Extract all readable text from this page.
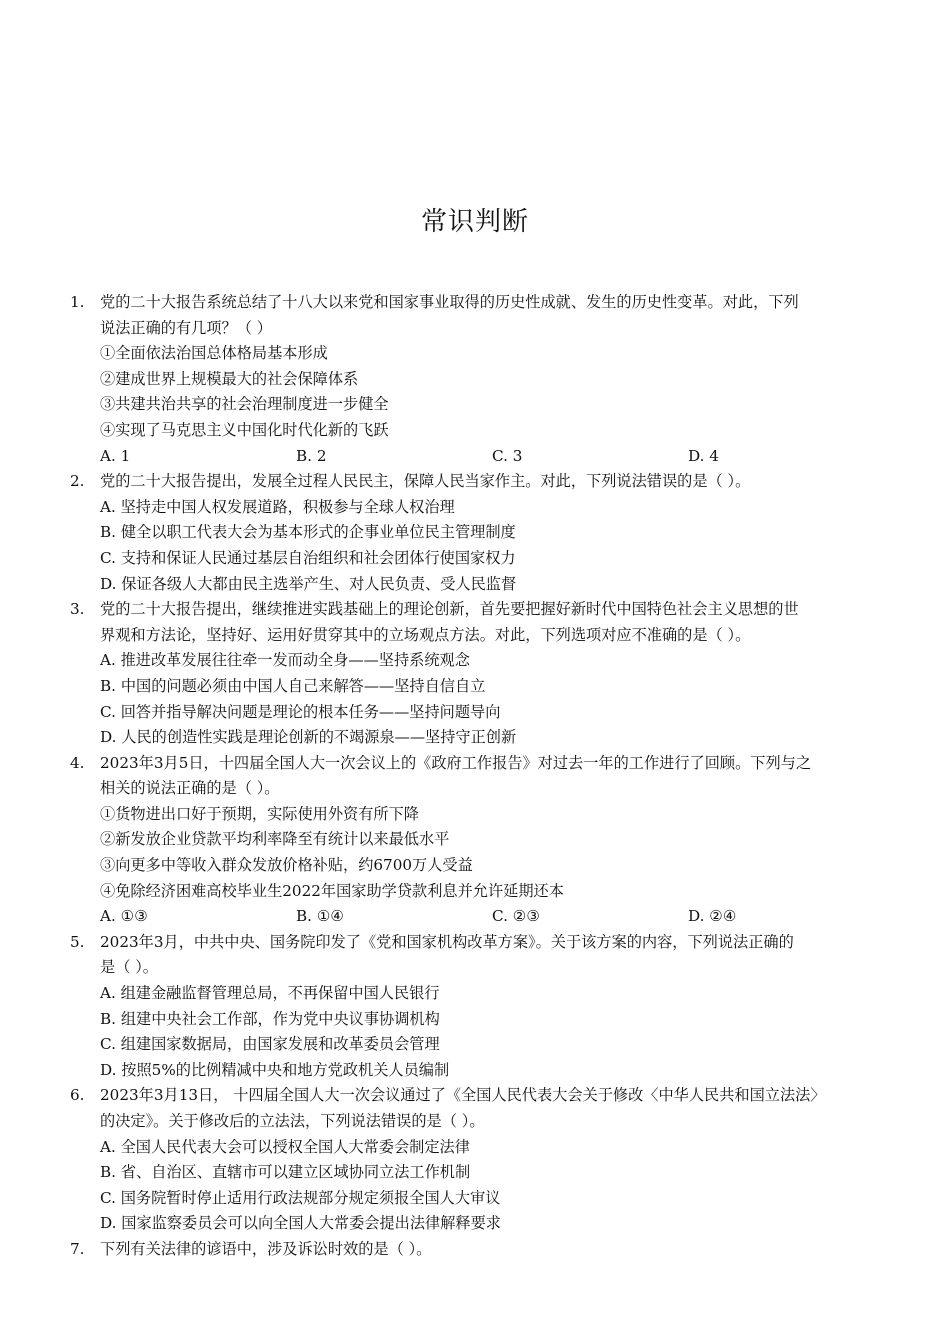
常识判断
1.	党的二十大报告系统总结了十八大以来党和国家事业取得的历史性成就、发生的历史性变革。对此，下列
说法正确的有几项？（ ）
①全面依法治国总体格局基本形成
②建成世界上规模最大的社会保障体系
③共建共治共享的社会治理制度进一步健全
④实现了马克思主义中国化时代化新的飞跃
A. 1	B. 2	C. 3	D. 4
2.	党的二十大报告提出，发展全过程人民民主，保障人民当家作主。对此，下列说法错误的是（ ）。
A. 坚持走中国人权发展道路，积极参与全球人权治理
B. 健全以职工代表大会为基本形式的企事业单位民主管理制度
C. 支持和保证人民通过基层自治组织和社会团体行使国家权力
D. 保证各级人大都由民主选举产生、对人民负责、受人民监督
3.	党的二十大报告提出，继续推进实践基础上的理论创新，首先要把握好新时代中国特色社会主义思想的世
界观和方法论，坚持好、运用好贯穿其中的立场观点方法。对此，下列选项对应不准确的是（ ）。
A. 推进改革发展往往牵一发而动全身——坚持系统观念
B. 中国的问题必须由中国人自己来解答——坚持自信自立
C. 回答并指导解决问题是理论的根本任务——坚持问题导向
D. 人民的创造性实践是理论创新的不竭源泉——坚持守正创新
4.	2023年3月5日，十四届全国人大一次会议上的《政府工作报告》对过去一年的工作进行了回顾。下列与之
相关的说法正确的是（ ）。
①货物进出口好于预期，实际使用外资有所下降
②新发放企业贷款平均利率降至有统计以来最低水平
③向更多中等收入群众发放价格补贴，约6700万人受益
④免除经济困难高校毕业生2022年国家助学贷款利息并允许延期还本
A. ①③	B. ①④	C. ②③	D. ②④
5.	2023年3月，中共中央、国务院印发了《党和国家机构改革方案》。关于该方案的内容，下列说法正确的
是（ ）。
A. 组建金融监督管理总局，不再保留中国人民银行
B. 组建中央社会工作部，作为党中央议事协调机构
C. 组建国家数据局，由国家发展和改革委员会管理
D. 按照5%的比例精减中央和地方党政机关人员编制
6.	2023年3月13日， 十四届全国人大一次会议通过了《全国人民代表大会关于修改〈中华人民共和国立法法〉
的决定》。关于修改后的立法法，下列说法错误的是（ ）。
A. 全国人民代表大会可以授权全国人大常委会制定法律
B. 省、自治区、直辖市可以建立区域协同立法工作机制
C. 国务院暂时停止适用行政法规部分规定须报全国人大审议
D. 国家监察委员会可以向全国人大常委会提出法律解释要求
7.	下列有关法律的谚语中，涉及诉讼时效的是（ ）。
